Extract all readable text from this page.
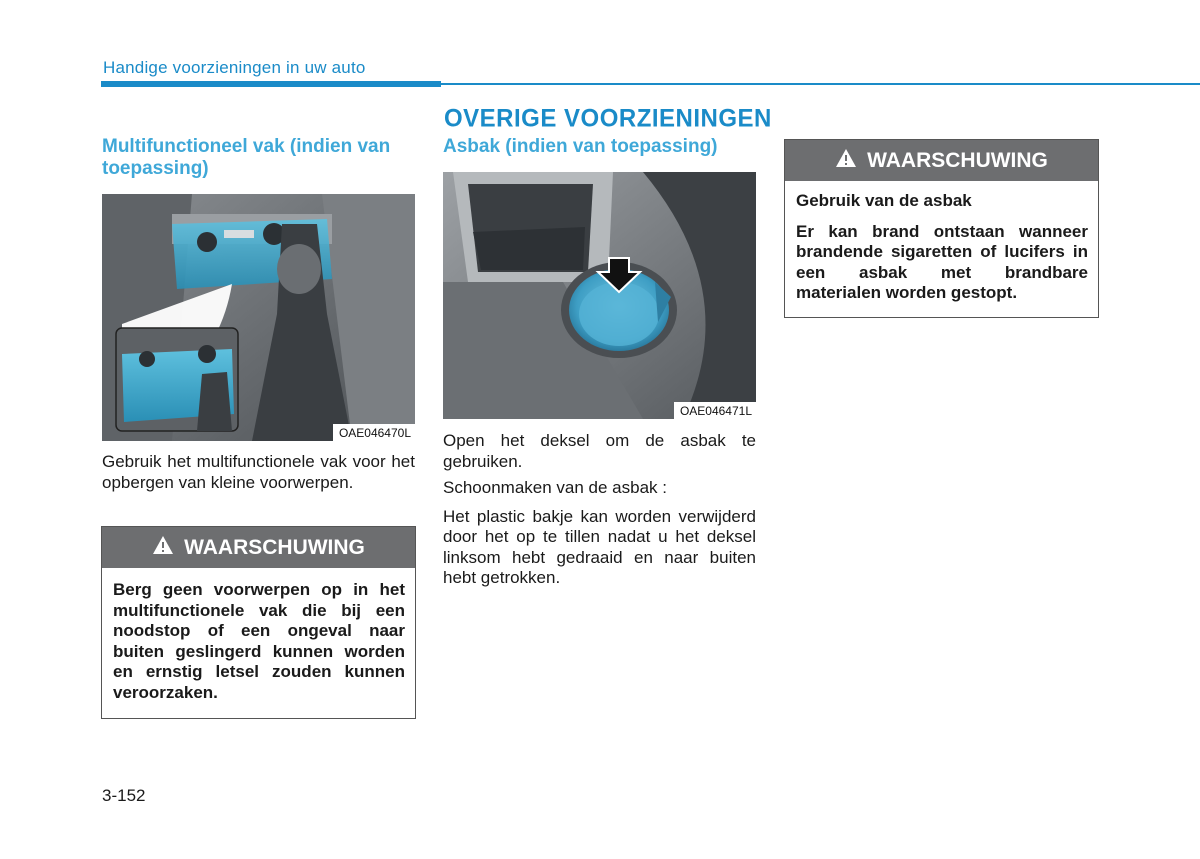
Handige voorzieningen in uw auto
OVERIGE VOORZIENINGEN
Multifunctioneel vak (indien van toepassing)
OAE046470L
Gebruik het multifunctionele vak voor het opbergen van kleine voorwerpen.
WAARSCHUWING
Berg geen voorwerpen op in het multifunctionele vak die bij een noodstop of een ongeval naar buiten geslingerd kunnen worden en ernstig letsel zouden kunnen veroorzaken.
Asbak (indien van toepassing)
OAE046471L

Open het deksel om de asbak te gebruiken.

Schoonmaken van de asbak :

Het plastic bakje kan worden verwijderd door het op te tillen nadat u het deksel linksom hebt gedraaid en naar buiten hebt getrokken.

WAARSCHUWING
Gebruik van de asbak
Er kan brand ontstaan wanneer brandende sigaretten of lucifers in een asbak met brandbare materialen worden gestopt.
3-152
